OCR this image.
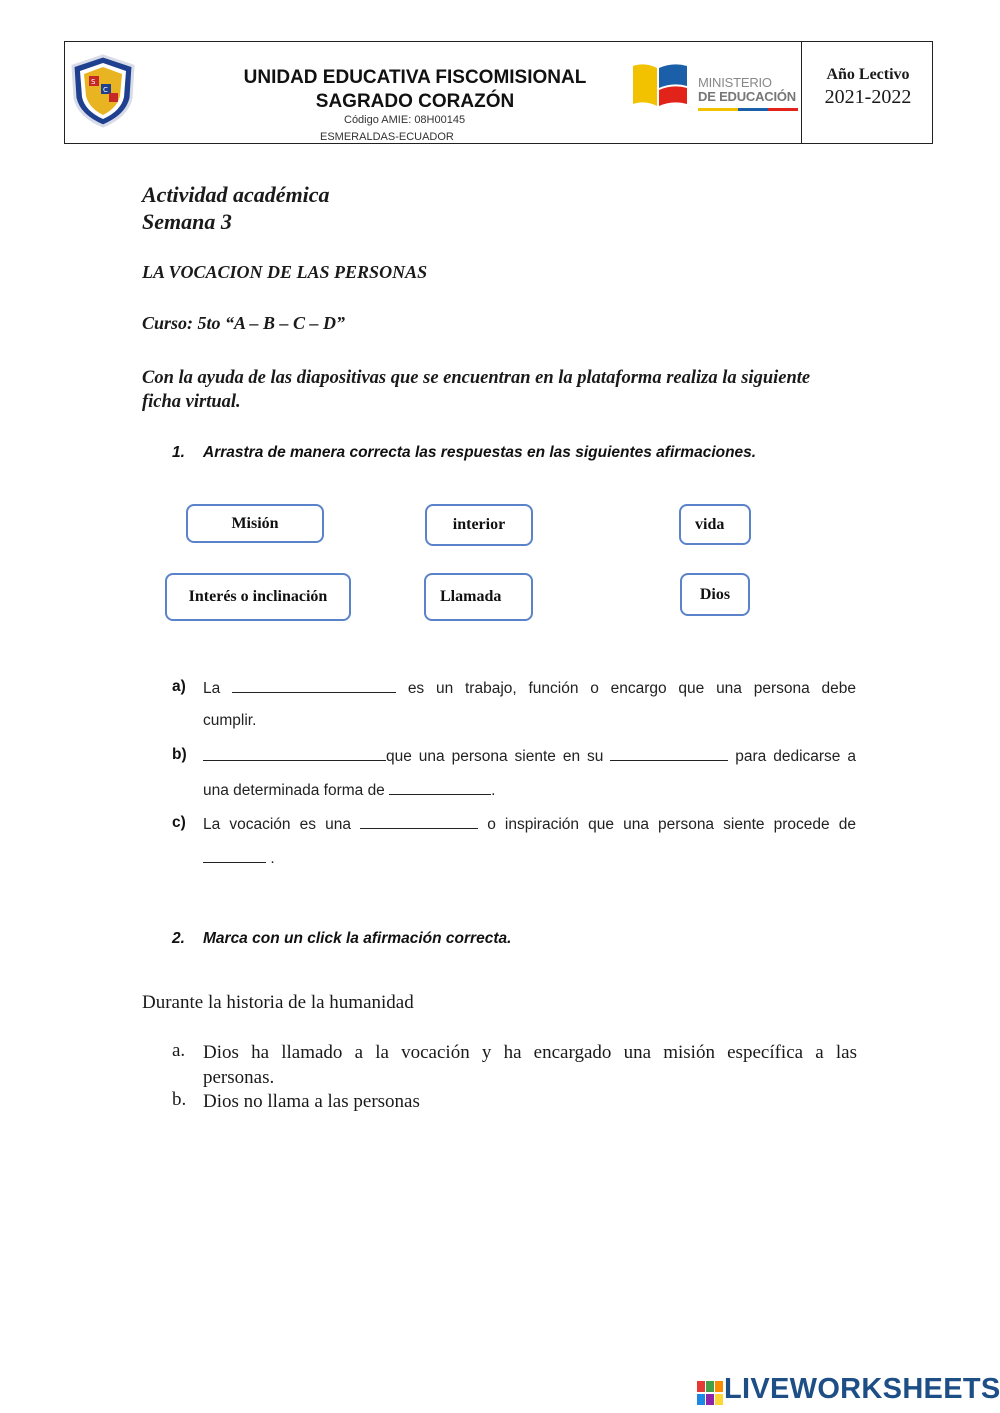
S
C
UNIDAD EDUCATIVA FISCOMISIONAL
SAGRADO CORAZÓN
Código AMIE: 08H00145
ESMERALDAS-ECUADOR
MINISTERIO
DE EDUCACIÓN
Año Lectivo
2021-2022
Actividad académica
Semana 3
LA VOCACION DE LAS PERSONAS
Curso: 5to “A – B – C – D”
Con la ayuda de las diapositivas que se encuentran en la plataforma realiza la siguiente ficha virtual.
1. Arrastra de manera correcta las respuestas en las siguientes afirmaciones.
Misión	interior	vida
Interés o inclinación	Llamada	Dios
a) La	es un trabajo, función o encargo que una persona debe
cumplir.
b)	que una persona siente en su	para dedicarse a
una determinada forma de	.
c) La vocación es una	o inspiración que una persona siente procede de
.
2. Marca con un click la afirmación correcta.
Durante la historia de la humanidad
a. Dios ha llamado a la vocación y ha encargado una misión específica a las
personas.
b. Dios no llama a las personas
LIVEWORKSHEETS
